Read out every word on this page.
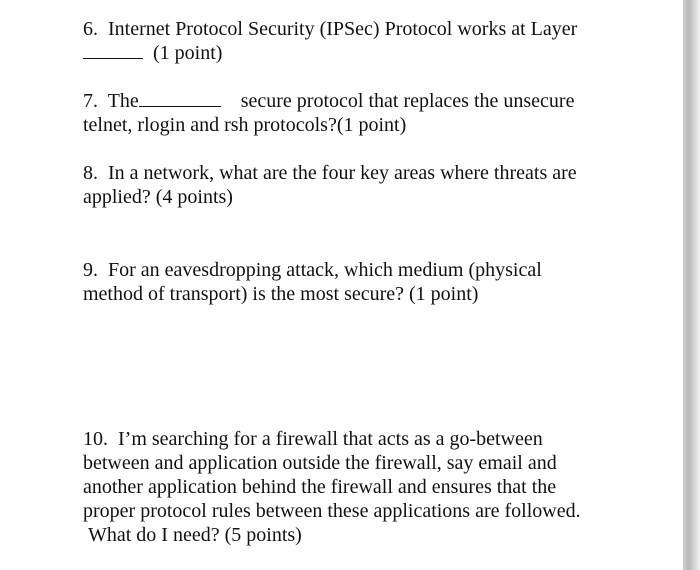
6. Internet Protocol Security (IPSec) Protocol works at Layer
(1 point)
7. The	secure protocol that replaces the unsecure
telnet, rlogin and rsh protocols?(1 point)
8. In a network, what are the four key areas where threats are
applied? (4 points)
9. For an eavesdropping attack, which medium (physical
method of transport) is the most secure? (1 point)
10. I’m searching for a firewall that acts as a go-between
between and application outside the firewall, say email and
another application behind the firewall and ensures that the
proper protocol rules between these applications are followed.
What do I need? (5 points)
